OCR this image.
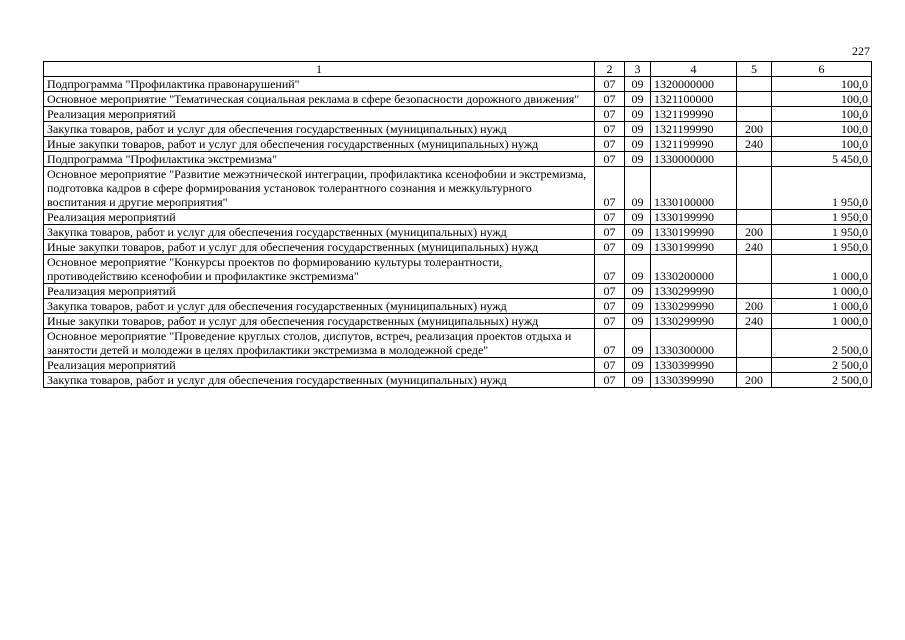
227
1	2	3	4	5	6
Подпрограмма "Профилактика правонарушений"	07	09	1320000000		100,0
Основное мероприятие "Тематическая социальная реклама в сфере безопасности дорожного движения"	07	09	1321100000		100,0
Реализация мероприятий	07	09	1321199990		100,0
Закупка товаров, работ и услуг для обеспечения государственных (муниципальных) нужд	07	09	1321199990	200	100,0
Иные закупки товаров, работ и услуг для обеспечения государственных (муниципальных) нужд	07	09	1321199990	240	100,0
Подпрограмма "Профилактика экстремизма"	07	09	1330000000		5 450,0
Основное мероприятие "Развитие межэтнической интеграции, профилактика ксенофобии и экстремизма, подготовка кадров в сфере формирования установок толерантного сознания и межкультурного воспитания и другие мероприятия"	07	09	1330100000		1 950,0
Реализация мероприятий	07	09	1330199990		1 950,0
Закупка товаров, работ и услуг для обеспечения государственных (муниципальных) нужд	07	09	1330199990	200	1 950,0
Иные закупки товаров, работ и услуг для обеспечения государственных (муниципальных) нужд	07	09	1330199990	240	1 950,0
Основное мероприятие "Конкурсы проектов по формированию культуры толерантности, противодействию ксенофобии и профилактике экстремизма"	07	09	1330200000		1 000,0
Реализация мероприятий	07	09	1330299990		1 000,0
Закупка товаров, работ и услуг для обеспечения государственных (муниципальных) нужд	07	09	1330299990	200	1 000,0
Иные закупки товаров, работ и услуг для обеспечения государственных (муниципальных) нужд	07	09	1330299990	240	1 000,0
Основное мероприятие "Проведение круглых столов, диспутов, встреч, реализация проектов отдыха и занятости детей и молодежи в целях профилактики экстремизма в молодежной среде"	07	09	1330300000		2 500,0
Реализация мероприятий	07	09	1330399990		2 500,0
Закупка товаров, работ и услуг для обеспечения государственных (муниципальных) нужд	07	09	1330399990	200	2 500,0
